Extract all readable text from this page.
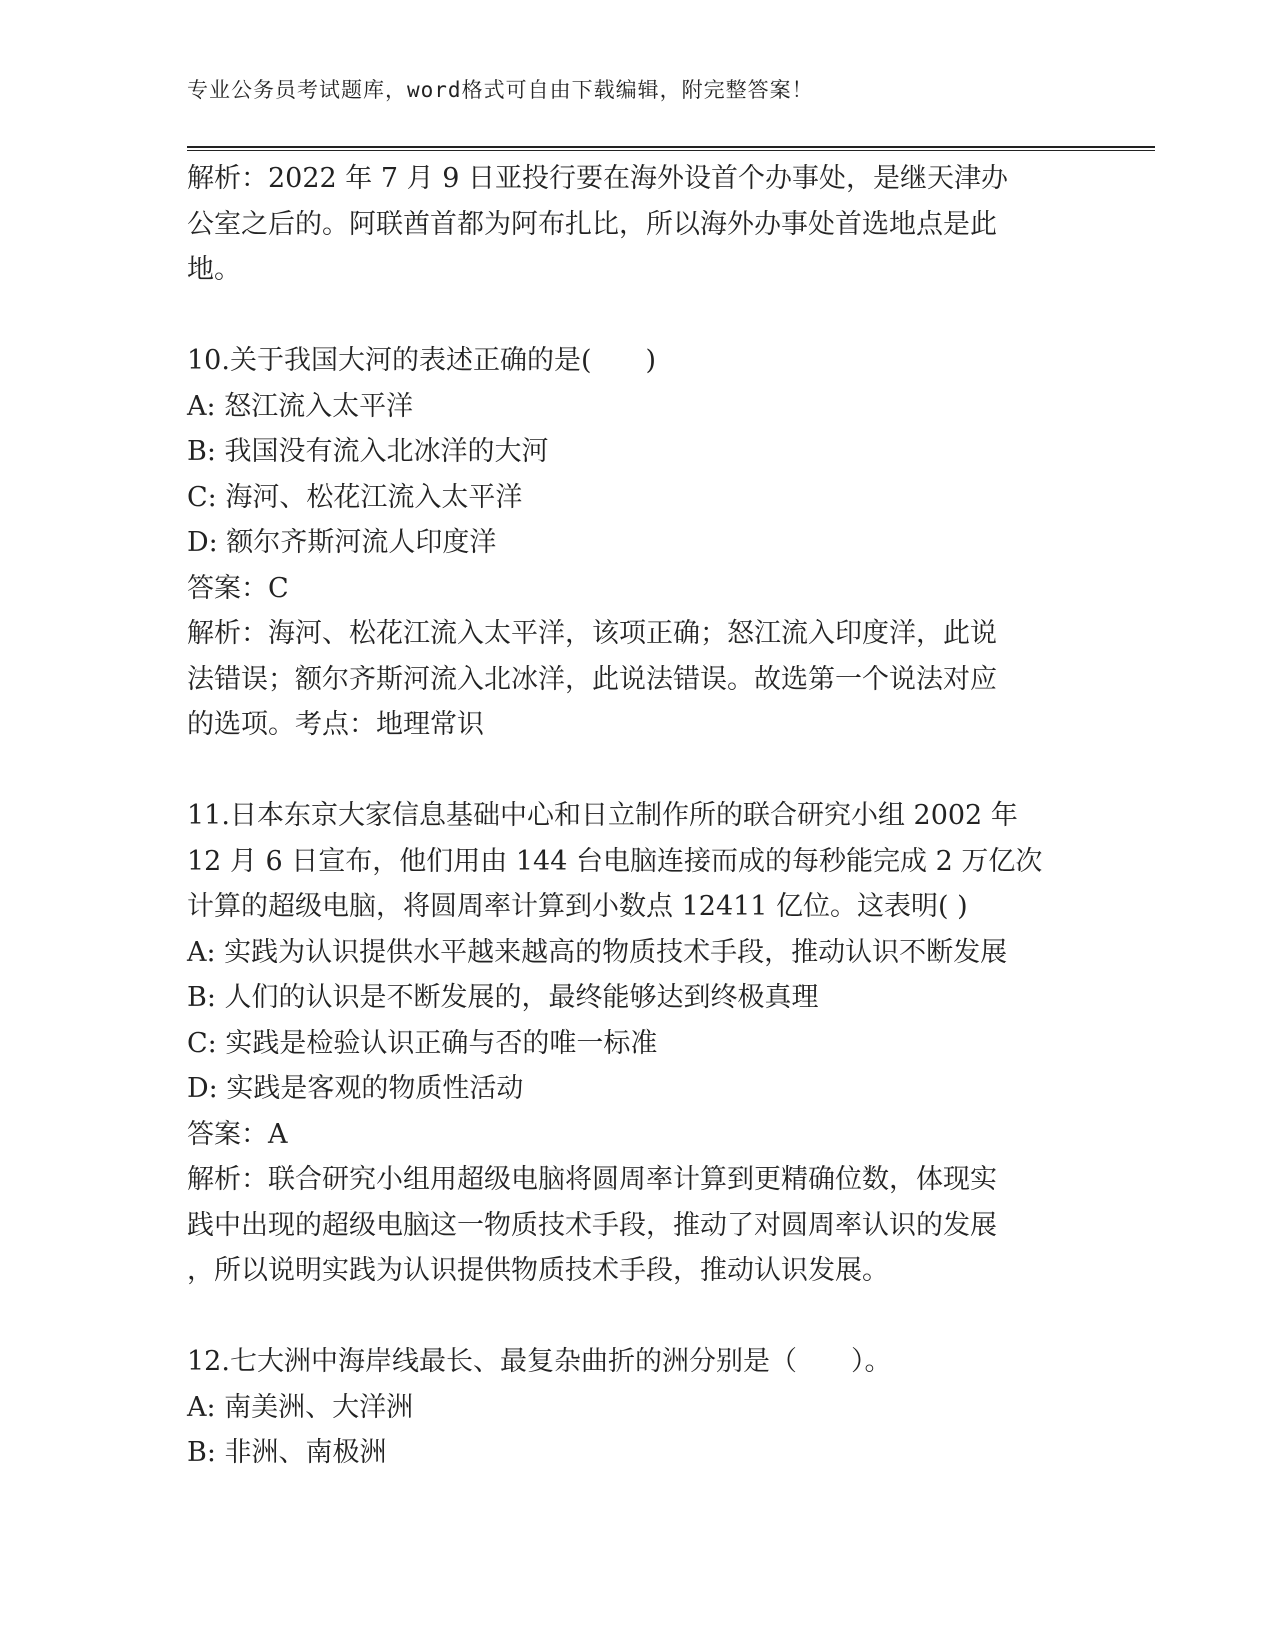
专业公务员考试题库，word格式可自由下载编辑，附完整答案！
解析：2022 年 7 月 9 日亚投行要在海外设首个办事处，是继天津办
公室之后的。阿联酋首都为阿布扎比，所以海外办事处首选地点是此
地。
10.关于我国大河的表述正确的是(　　)
A: 怒江流入太平洋
B: 我国没有流入北冰洋的大河
C: 海河、松花江流入太平洋
D: 额尔齐斯河流人印度洋
答案：C
解析：海河、松花江流入太平洋，该项正确；怒江流入印度洋，此说
法错误；额尔齐斯河流入北冰洋，此说法错误。故选第一个说法对应
的选项。考点：地理常识
11.日本东京大家信息基础中心和日立制作所的联合研究小组 2002 年
12 月 6 日宣布，他们用由 144 台电脑连接而成的每秒能完成 2 万亿次
计算的超级电脑，将圆周率计算到小数点 12411 亿位。这表明( )
A: 实践为认识提供水平越来越高的物质技术手段，推动认识不断发展
B: 人们的认识是不断发展的，最终能够达到终极真理
C: 实践是检验认识正确与否的唯一标准
D: 实践是客观的物质性活动
答案：A
解析：联合研究小组用超级电脑将圆周率计算到更精确位数，体现实
践中出现的超级电脑这一物质技术手段，推动了对圆周率认识的发展
，所以说明实践为认识提供物质技术手段，推动认识发展。
12.七大洲中海岸线最长、最复杂曲折的洲分别是（　　）。
A: 南美洲、大洋洲
B: 非洲、南极洲
